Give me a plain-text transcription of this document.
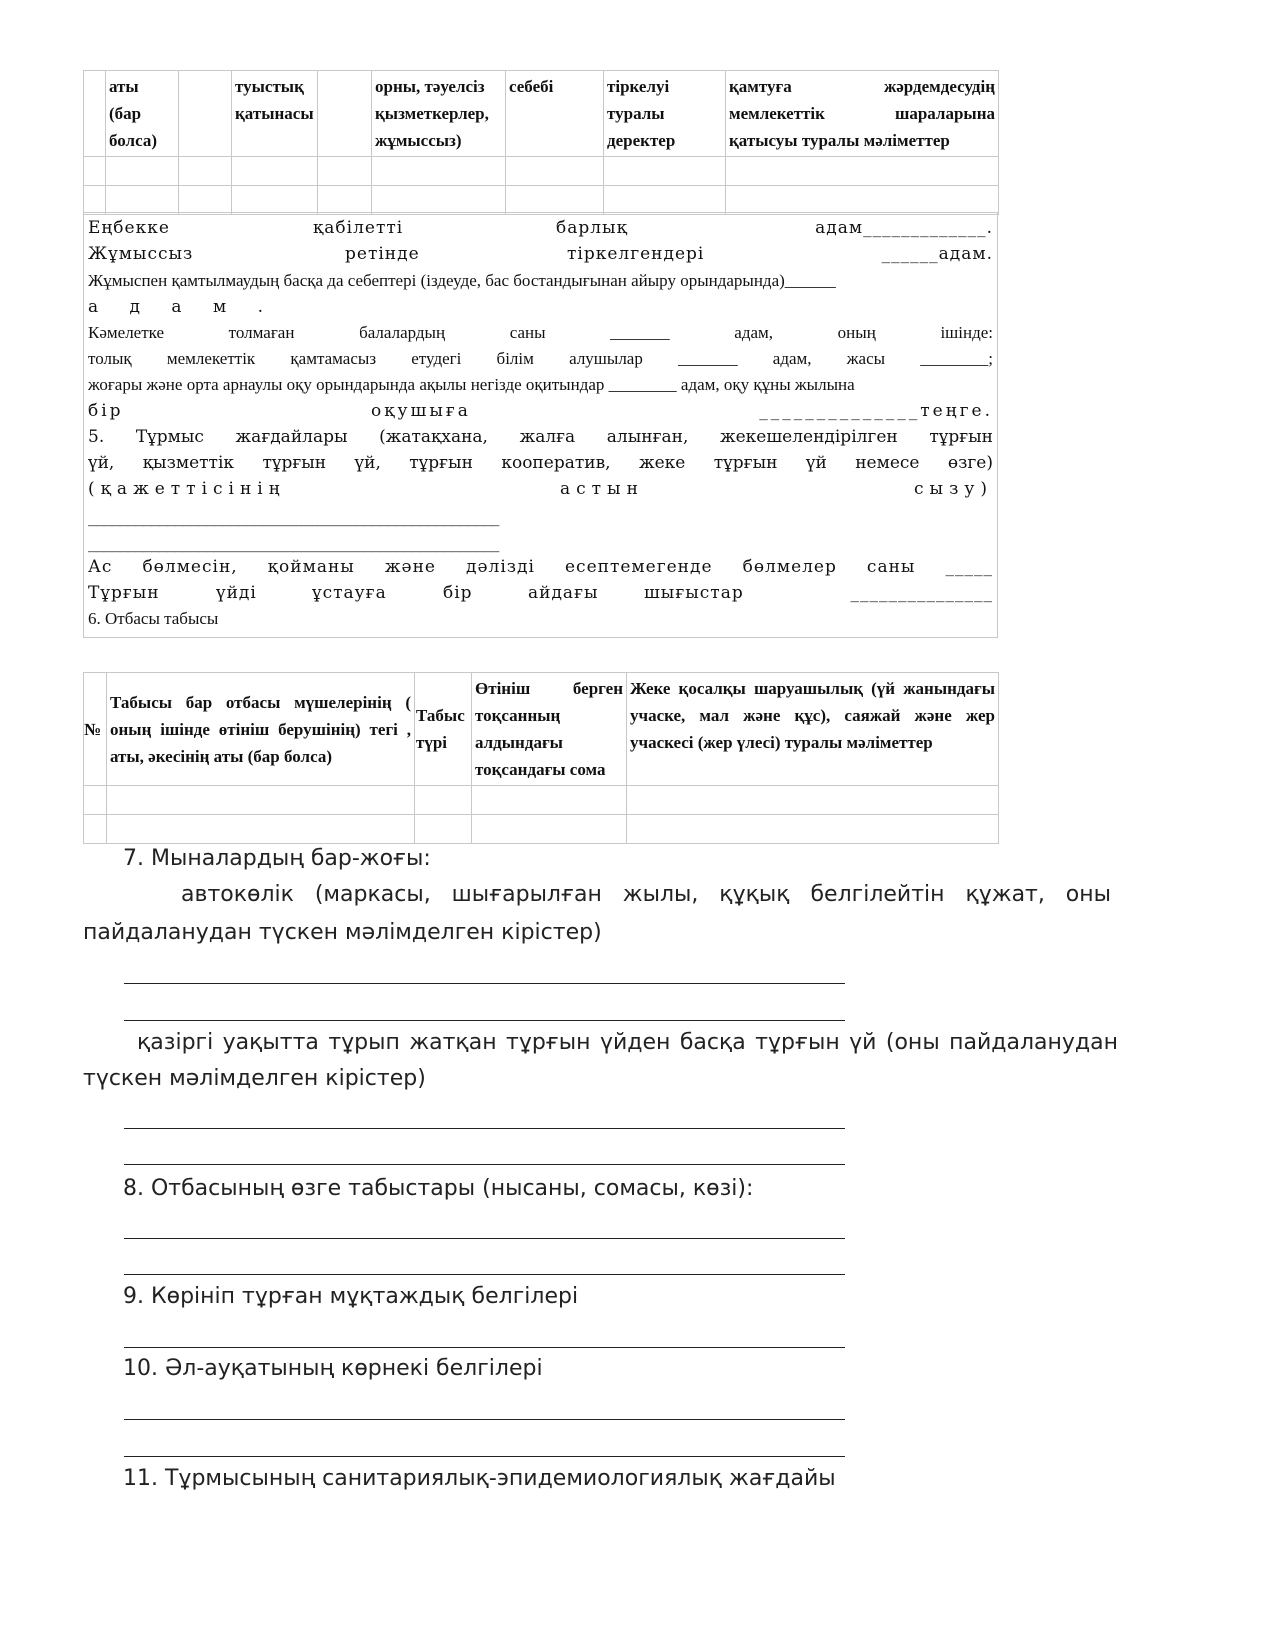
	аты (бар болса)		туыстық қатынасы		орны, тәуелсіз қызметкерлер, жұмыссыз)	себебі	тіркелуі туралы деректер	қамтуға жәрдемдесудің мемлекеттік шараларына қатысуы туралы мәліметтер

Еңбекке	қабілетті	барлық	адам_____________.
Жұмыссыз	ретінде	тіркелгендері	______адам.
Жұмыспен қамтылмаудың басқа да себептері (іздеуде, бас бостандығынан айыру орындарында)______
а д а м .
Кәмелетке толмаған балалардың саны _______ адам, оның ішінде:
толық мемлекеттік қамтамасыз етудегі білім алушылар _______ адам, жасы ________;
жоғары және орта арнаулы оқу орындарында ақылы негізде оқитындар ________ адам, оқу құны жылына
бір	оқушыға	______________теңге.
5. Тұрмыс жағдайлары (жатақхана, жалға алынған, жекешелендірілген тұрғын
үй, қызметтік тұрғын үй, тұрғын кооператив, жеке тұрғын үй немесе өзге)
(қажеттісінің	астын	сызу)
____________________________________________________
____________________________________________________
Ас бөлмесін, қойманы және дәлізді есептемегенде бөлмелер саны _____
Тұрғын	үйді	ұстауға	бір	айдағы	шығыстар	_______________
6. Отбасы табысы
№	Табысы бар отбасы мүшелерінің ( оның ішінде өтініш берушінің) тегі , аты, әкесінің аты (бар болса)	Табыс түрі	Өтініш берген тоқсанның алдындағы тоқсандағы сома	Жеке қосалқы шаруашылық (үй жанындағы учаске, мал және құс), саяжай және жер учаскесі (жер үлесі) туралы мәліметтер

7. Мыналардың бар-жоғы:
автокөлік (маркасы, шығарылған жылы, құқық белгілейтін құжат, оны
пайдаланудан түскен мәлімделген кірістер)
қазіргі уақытта тұрып жатқан тұрғын үйден басқа тұрғын үй (оны пайдаланудан
түскен мәлімделген кірістер)
8. Отбасының өзге табыстары (нысаны, сомасы, көзі):
9. Көрініп тұрған мұқтаждық белгілері
10. Әл-ауқатының көрнекі белгілері
11. Тұрмысының санитариялық-эпидемиологиялық жағдайы
